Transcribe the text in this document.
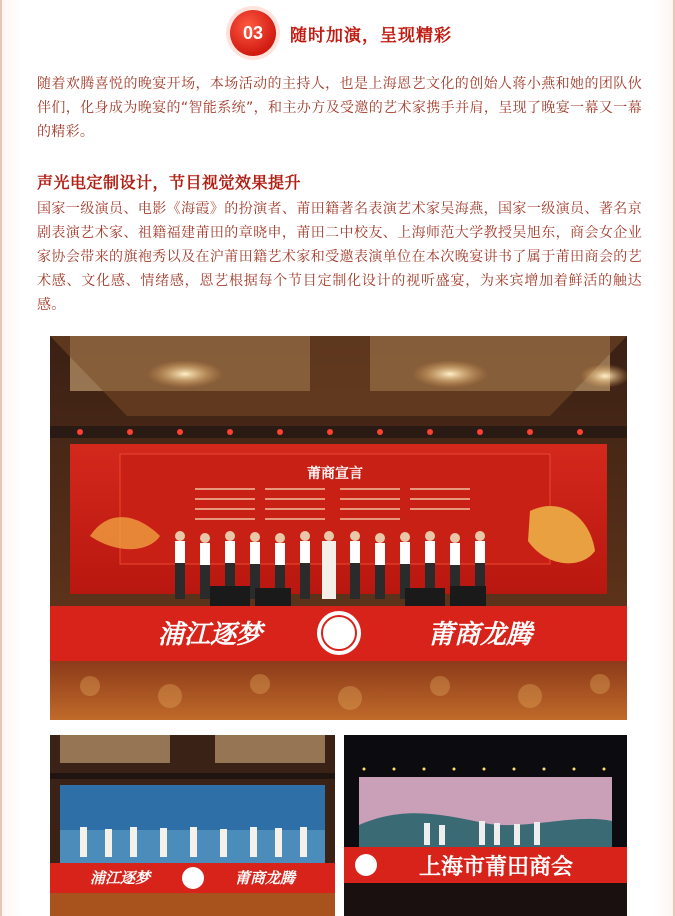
03	随时加演，呈现精彩
随着欢腾喜悦的晚宴开场，本场活动的主持人，也是上海恩艺文化的创始人蒋小燕和她的团队伙伴们，化身成为晚宴的“智能系统”，和主办方及受邀的艺术家携手并肩，呈现了晚宴一幕又一幕的精彩。
声光电定制设计，节目视觉效果提升
国家一级演员、电影《海霞》的扮演者、莆田籍著名表演艺术家吴海燕，国家一级演员、著名京剧表演艺术家、祖籍福建莆田的章晓申，莆田二中校友、上海师范大学教授吴旭东，商会女企业家协会带来的旗袍秀以及在沪莆田籍艺术家和受邀表演单位在本次晚宴讲书了属于莆田商会的艺术感、文化感、情绪感，恩艺根据每个节目定制化设计的视听盛宴，为来宾增加着鲜活的触达感。
莆商宣言
浦江逐梦	莆商龙腾
浦江逐梦	莆商龙腾	上海市莆田商会
